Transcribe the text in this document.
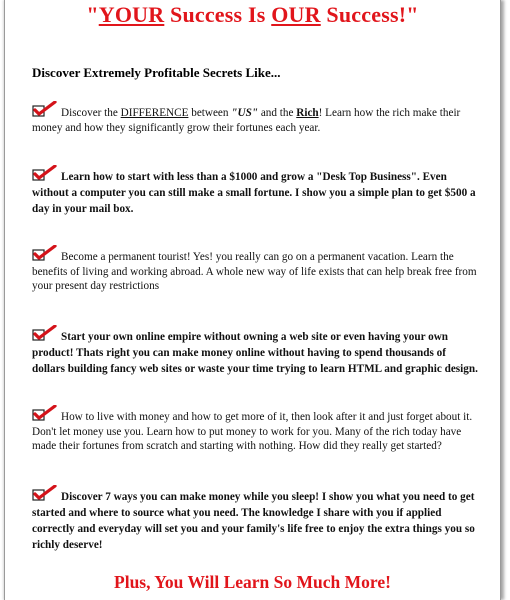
"YOUR Success Is OUR Success!"
Discover Extremely Profitable Secrets Like...
Discover the DIFFERENCE between "US" and the Rich! Learn how the rich make their money and how they significantly grow their fortunes each year.
Learn how to start with less than a $1000 and grow a "Desk Top Business". Even without a computer you can still make a small fortune. I show you a simple plan to get $500 a day in your mail box.
Become a permanent tourist! Yes! you really can go on a permanent vacation. Learn the benefits of living and working abroad. A whole new way of life exists that can help break free from your present day restrictions
Start your own online empire without owning a web site or even having your own product! Thats right you can make money online without having to spend thousands of dollars building fancy web sites or waste your time trying to learn HTML and graphic design.
How to live with money and how to get more of it, then look after it and just forget about it. Don't let money use you. Learn how to put money to work for you. Many of the rich today have made their fortunes from scratch and starting with nothing. How did they really get started?
Discover 7 ways you can make money while you sleep! I show you what you need to get started and where to source what you need. The knowledge I share with you if applied correctly and everyday will set you and your family's life free to enjoy the extra things you so richly deserve!
Plus, You Will Learn So Much More!
